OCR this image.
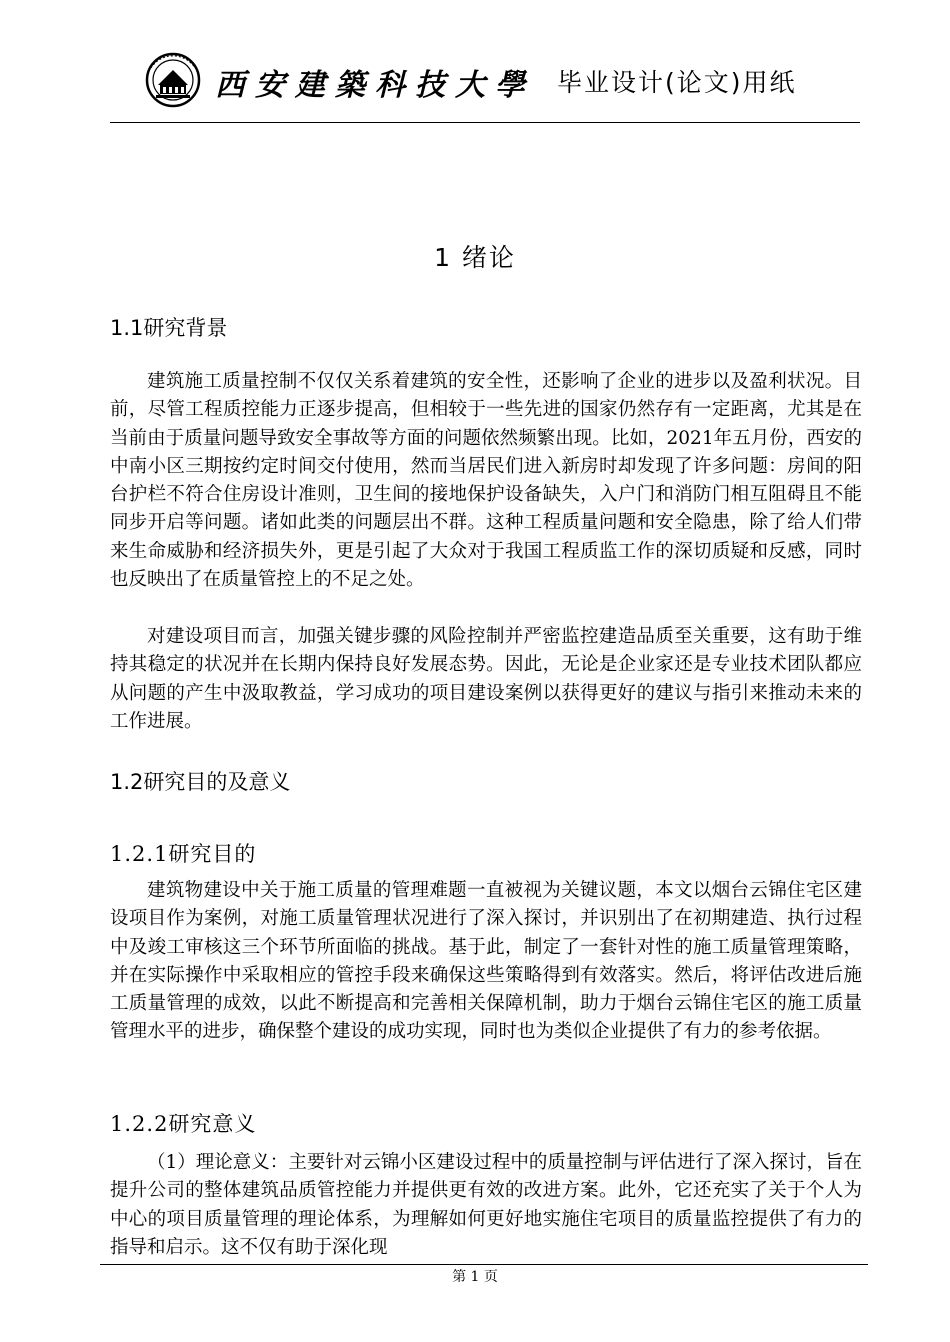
西安建築科技大學 毕业设计(论文)用纸
1 绪论
1.1研究背景

建筑施工质量控制不仅仅关系着建筑的安全性，还影响了企业的进步以及盈利状况。目前，尽管工程质控能力正逐步提高，但相较于一些先进的国家仍然存有一定距离，尤其是在当前由于质量问题导致安全事故等方面的问题依然频繁出现。比如，2021年五月份，西安的中南小区三期按约定时间交付使用，然而当居民们进入新房时却发现了许多问题：房间的阳台护栏不符合住房设计准则，卫生间的接地保护设备缺失，入户门和消防门相互阻碍且不能同步开启等问题。诸如此类的问题层出不群。这种工程质量问题和安全隐患，除了给人们带来生命威胁和经济损失外，更是引起了大众对于我国工程质监工作的深切质疑和反感，同时也反映出了在质量管控上的不足之处。

对建设项目而言，加强关键步骤的风险控制并严密监控建造品质至关重要，这有助于维持其稳定的状况并在长期内保持良好发展态势。因此，无论是企业家还是专业技术团队都应从问题的产生中汲取教益，学习成功的项目建设案例以获得更好的建议与指引来推动未来的工作进展。

1.2研究目的及意义
1.2.1研究目的

建筑物建设中关于施工质量的管理难题一直被视为关键议题，本文以烟台云锦住宅区建设项目作为案例，对施工质量管理状况进行了深入探讨，并识别出了在初期建造、执行过程中及竣工审核这三个环节所面临的挑战。基于此，制定了一套针对性的施工质量管理策略，并在实际操作中采取相应的管控手段来确保这些策略得到有效落实。然后，将评估改进后施工质量管理的成效，以此不断提高和完善相关保障机制，助力于烟台云锦住宅区的施工质量管理水平的进步，确保整个建设的成功实现，同时也为类似企业提供了有力的参考依据。

1.2.2研究意义

（1）理论意义：主要针对云锦小区建设过程中的质量控制与评估进行了深入探讨，旨在提升公司的整体建筑品质管控能力并提供更有效的改进方案。此外，它还充实了关于个人为中心的项目质量管理的理论体系，为理解如何更好地实施住宅项目的质量监控提供了有力的指导和启示。这不仅有助于深化现

第 1 页
